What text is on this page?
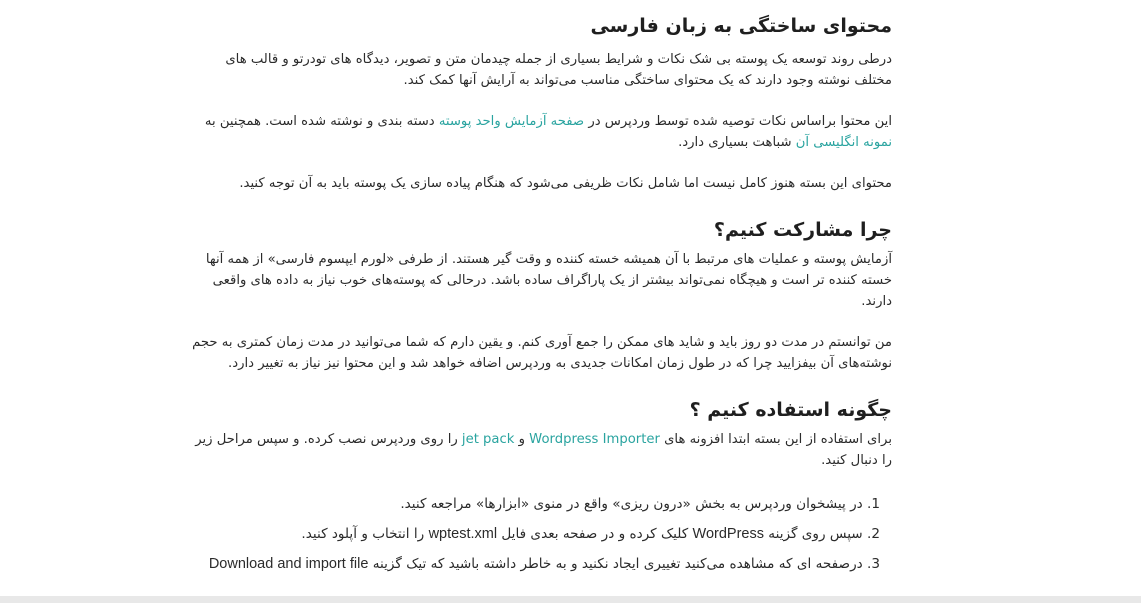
محتوای ساختگی به زبان فارسی

درطی روند توسعه یک پوسته بی شک نکات و شرایط بسیاری از جمله چیدمان متن و تصویر، دیدگاه های تودرتو و قالب های مختلف نوشته وجود دارند که یک محتوای ساختگی مناسب می‌تواند به آرایش آنها کمک کند.

این محتوا براساس نکات توصیه شده توسط وردپرس در صفحه آزمایش واحد پوسته دسته بندی و نوشته شده است. همچنین به نمونه انگلیسی آن شباهت بسیاری دارد.

محتوای این بسته هنوز کامل نیست اما شامل نکات ظریفی می‌شود که هنگام پیاده سازی یک پوسته باید به آن توجه کنید.

چرا مشارکت کنیم؟

آزمایش پوسته و عملیات های مرتبط با آن همیشه خسته کننده و وقت گیر هستند. از طرفی «لورم ایپسوم فارسی» از همه آنها خسته کننده تر است و هیچگاه نمی‌تواند بیشتر از یک پاراگراف ساده باشد. درحالی که پوسته‌های خوب نیاز به داده های واقعی دارند.

من توانستم در مدت دو روز باید و شاید های ممکن را جمع آوری کنم. و یقین دارم که شما می‌توانید در مدت زمان کمتری به حجم نوشته‌های آن بیفزایید چرا که در طول زمان امکانات جدیدی به وردپرس اضافه خواهد شد و این محتوا نیز نیاز به تغییر دارد.

چگونه استفاده کنیم ؟

برای استفاده از این بسته ابتدا افزونه های Wordpress Importer و jet pack را روی وردپرس نصب کرده. و سپس مراحل زیر را دنبال کنید.

1. در پیشخوان وردپرس به بخش «درون ریزی» واقع در منوی «ابزارها» مراجعه کنید.
2. سپس روی گزینه WordPress کلیک کرده و در صفحه بعدی فایل wptest.xml را انتخاب و آپلود کنید.
3. درصفحه ای که مشاهده می‌کنید تغییری ایجاد نکنید و به خاطر داشته باشید که تیک گزینه Download and import file
